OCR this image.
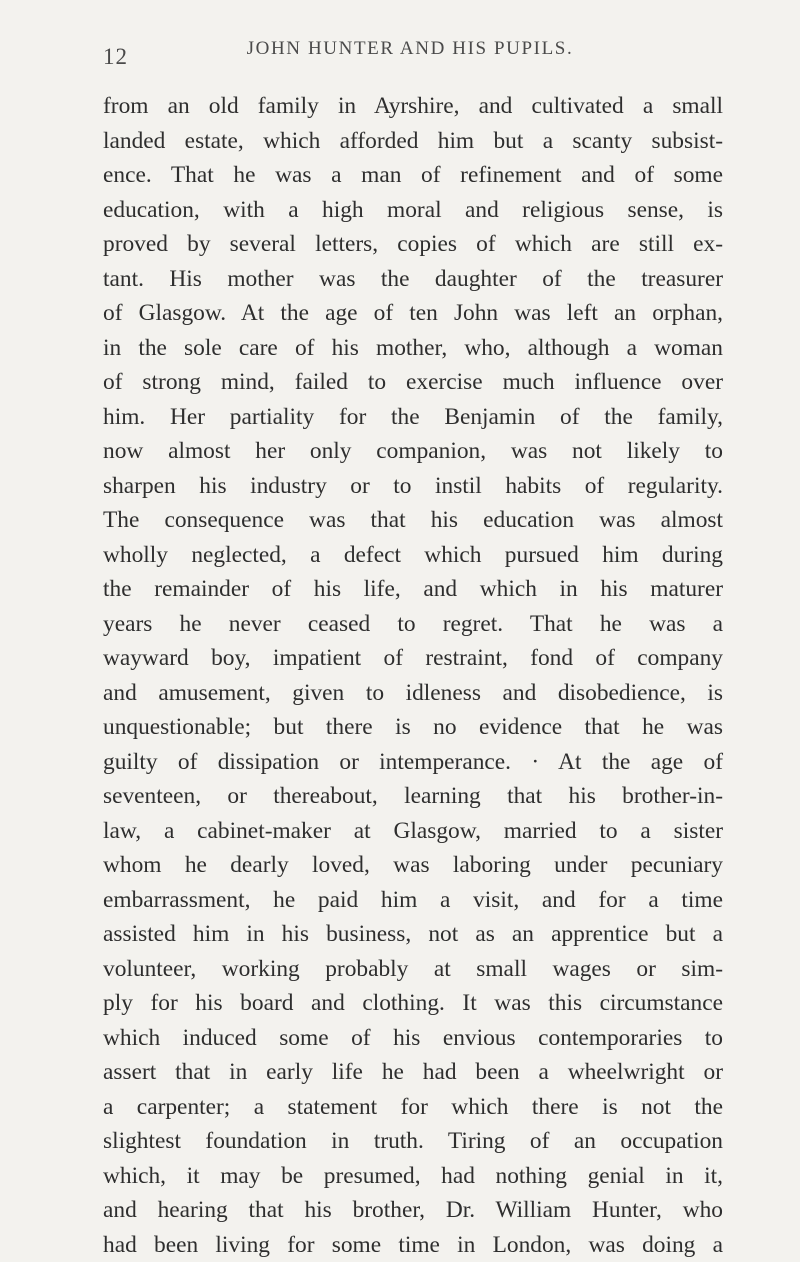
12	JOHN HUNTER AND HIS PUPILS.
from an old family in Ayrshire, and cultivated a small
landed estate, which afforded him but a scanty subsist-
ence. That he was a man of refinement and of some
education, with a high moral and religious sense, is
proved by several letters, copies of which are still ex-
tant. His mother was the daughter of the treasurer
of Glasgow. At the age of ten John was left an orphan,
in the sole care of his mother, who, although a woman
of strong mind, failed to exercise much influence over
him. Her partiality for the Benjamin of the family,
now almost her only companion, was not likely to
sharpen his industry or to instil habits of regularity.
The consequence was that his education was almost
wholly neglected, a defect which pursued him during
the remainder of his life, and which in his maturer
years he never ceased to regret. That he was a
wayward boy, impatient of restraint, fond of company
and amusement, given to idleness and disobedience, is
unquestionable; but there is no evidence that he was
guilty of dissipation or intemperance. · At the age of
seventeen, or thereabout, learning that his brother-in-
law, a cabinet-maker at Glasgow, married to a sister
whom he dearly loved, was laboring under pecuniary
embarrassment, he paid him a visit, and for a time
assisted him in his business, not as an apprentice but a
volunteer, working probably at small wages or sim-
ply for his board and clothing. It was this circumstance
which induced some of his envious contemporaries to
assert that in early life he had been a wheelwright or
a carpenter; a statement for which there is not the
slightest foundation in truth. Tiring of an occupation
which, it may be presumed, had nothing genial in it,
and hearing that his brother, Dr. William Hunter, who
had been living for some time in London, was doing a
